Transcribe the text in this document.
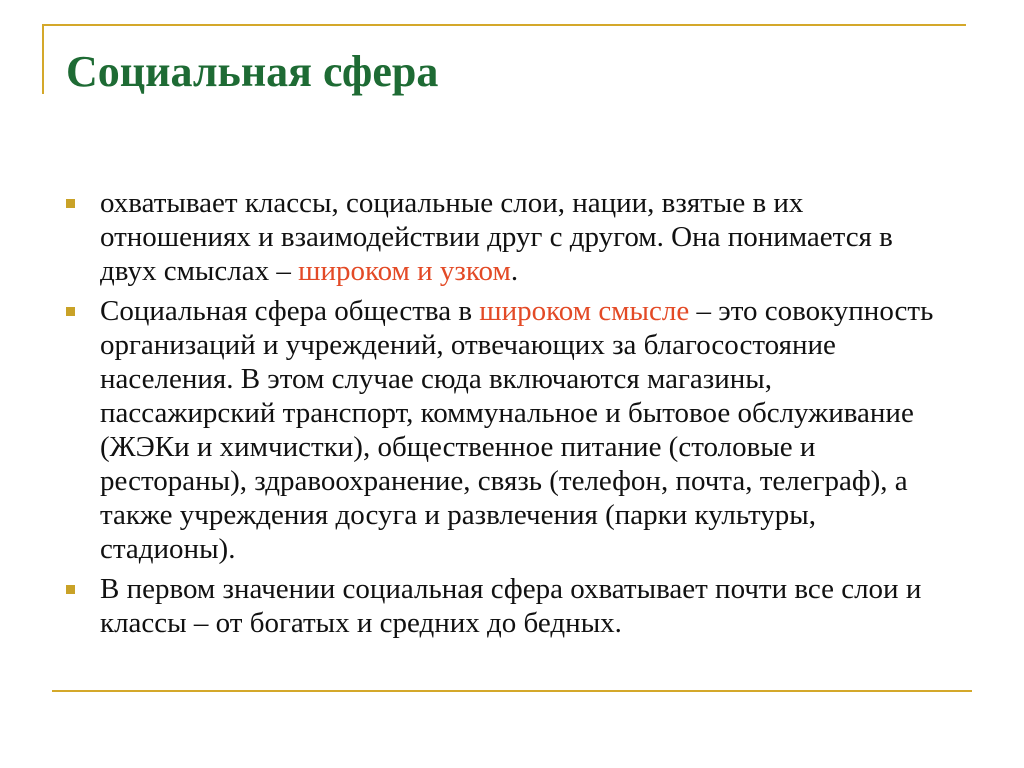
Социальная сфера
охватывает классы, социальные слои, нации, взятые в их отношениях и взаимодействии друг с другом. Она понимается в двух смыслах – широком и узком.
Социальная сфера общества в широком смысле – это совокупность организаций и учреждений, отвечающих за благосостояние населения. В этом случае сюда включаются магазины, пассажирский транспорт, коммунальное и бытовое обслуживание (ЖЭКи и химчистки), общественное питание (столовые и рестораны), здравоохранение, связь (телефон, почта, телеграф), а также учреждения досуга и развлечения (парки культуры, стадионы).
В первом значении социальная сфера охватывает почти все слои и классы – от богатых и средних до бедных.
